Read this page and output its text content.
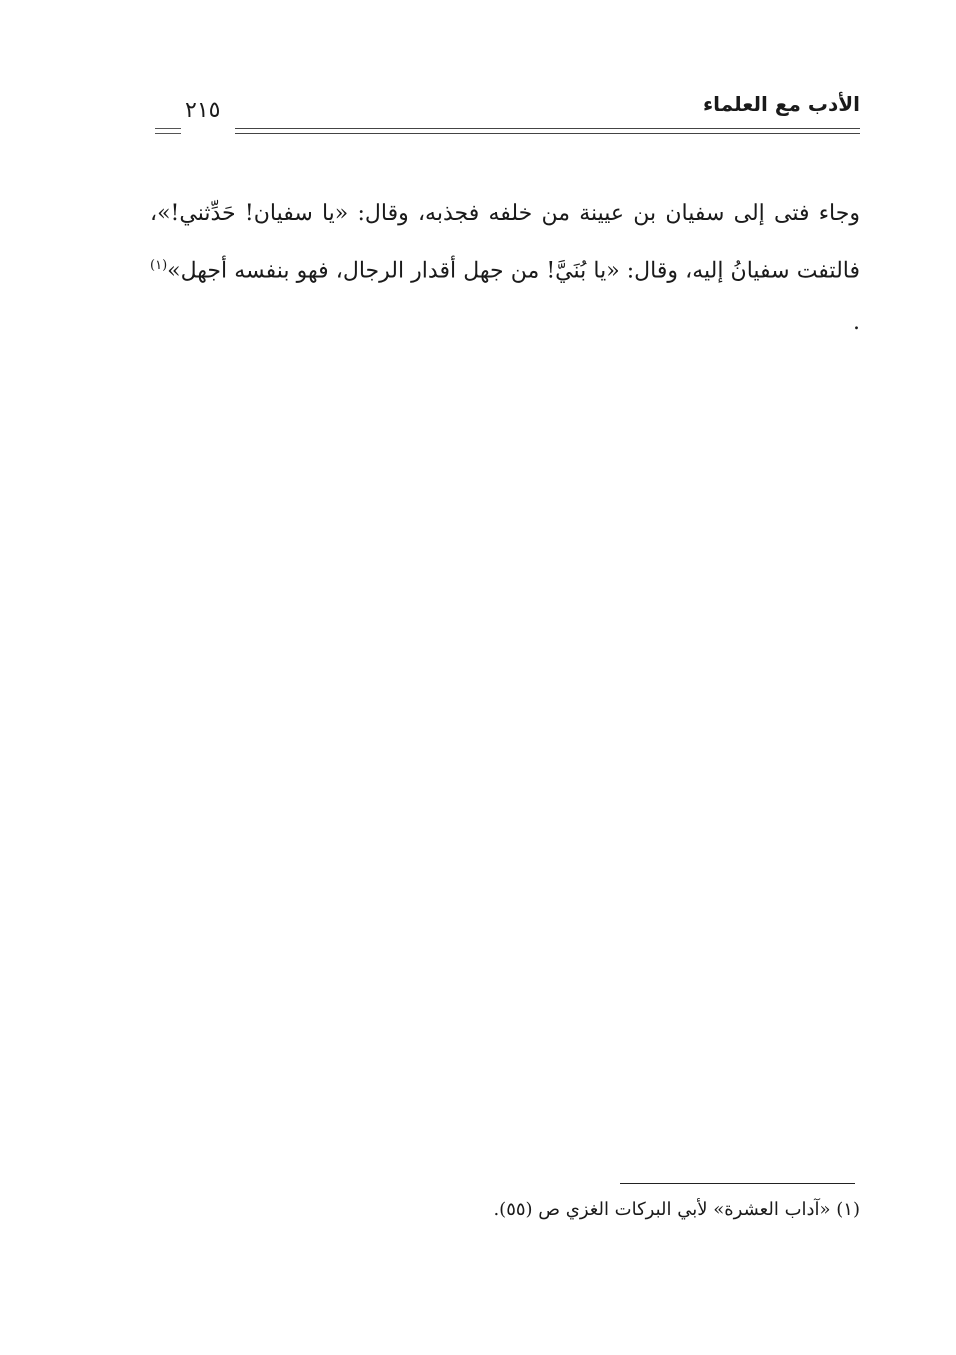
الأدب مع العلماء
٢١٥

وجاء فتى إلى سفيان بن عيينة من خلفه فجذبه، وقال: «يا سفيان! حَدِّثني!»، فالتفت سفيانُ إليه، وقال: «يا بُنَيَّ! من جهل أقدار الرجال، فهو بنفسه أجهل»$^{(١)}$ .

(١) «آداب العشرة» لأبي البركات الغزي ص (٥٥).
